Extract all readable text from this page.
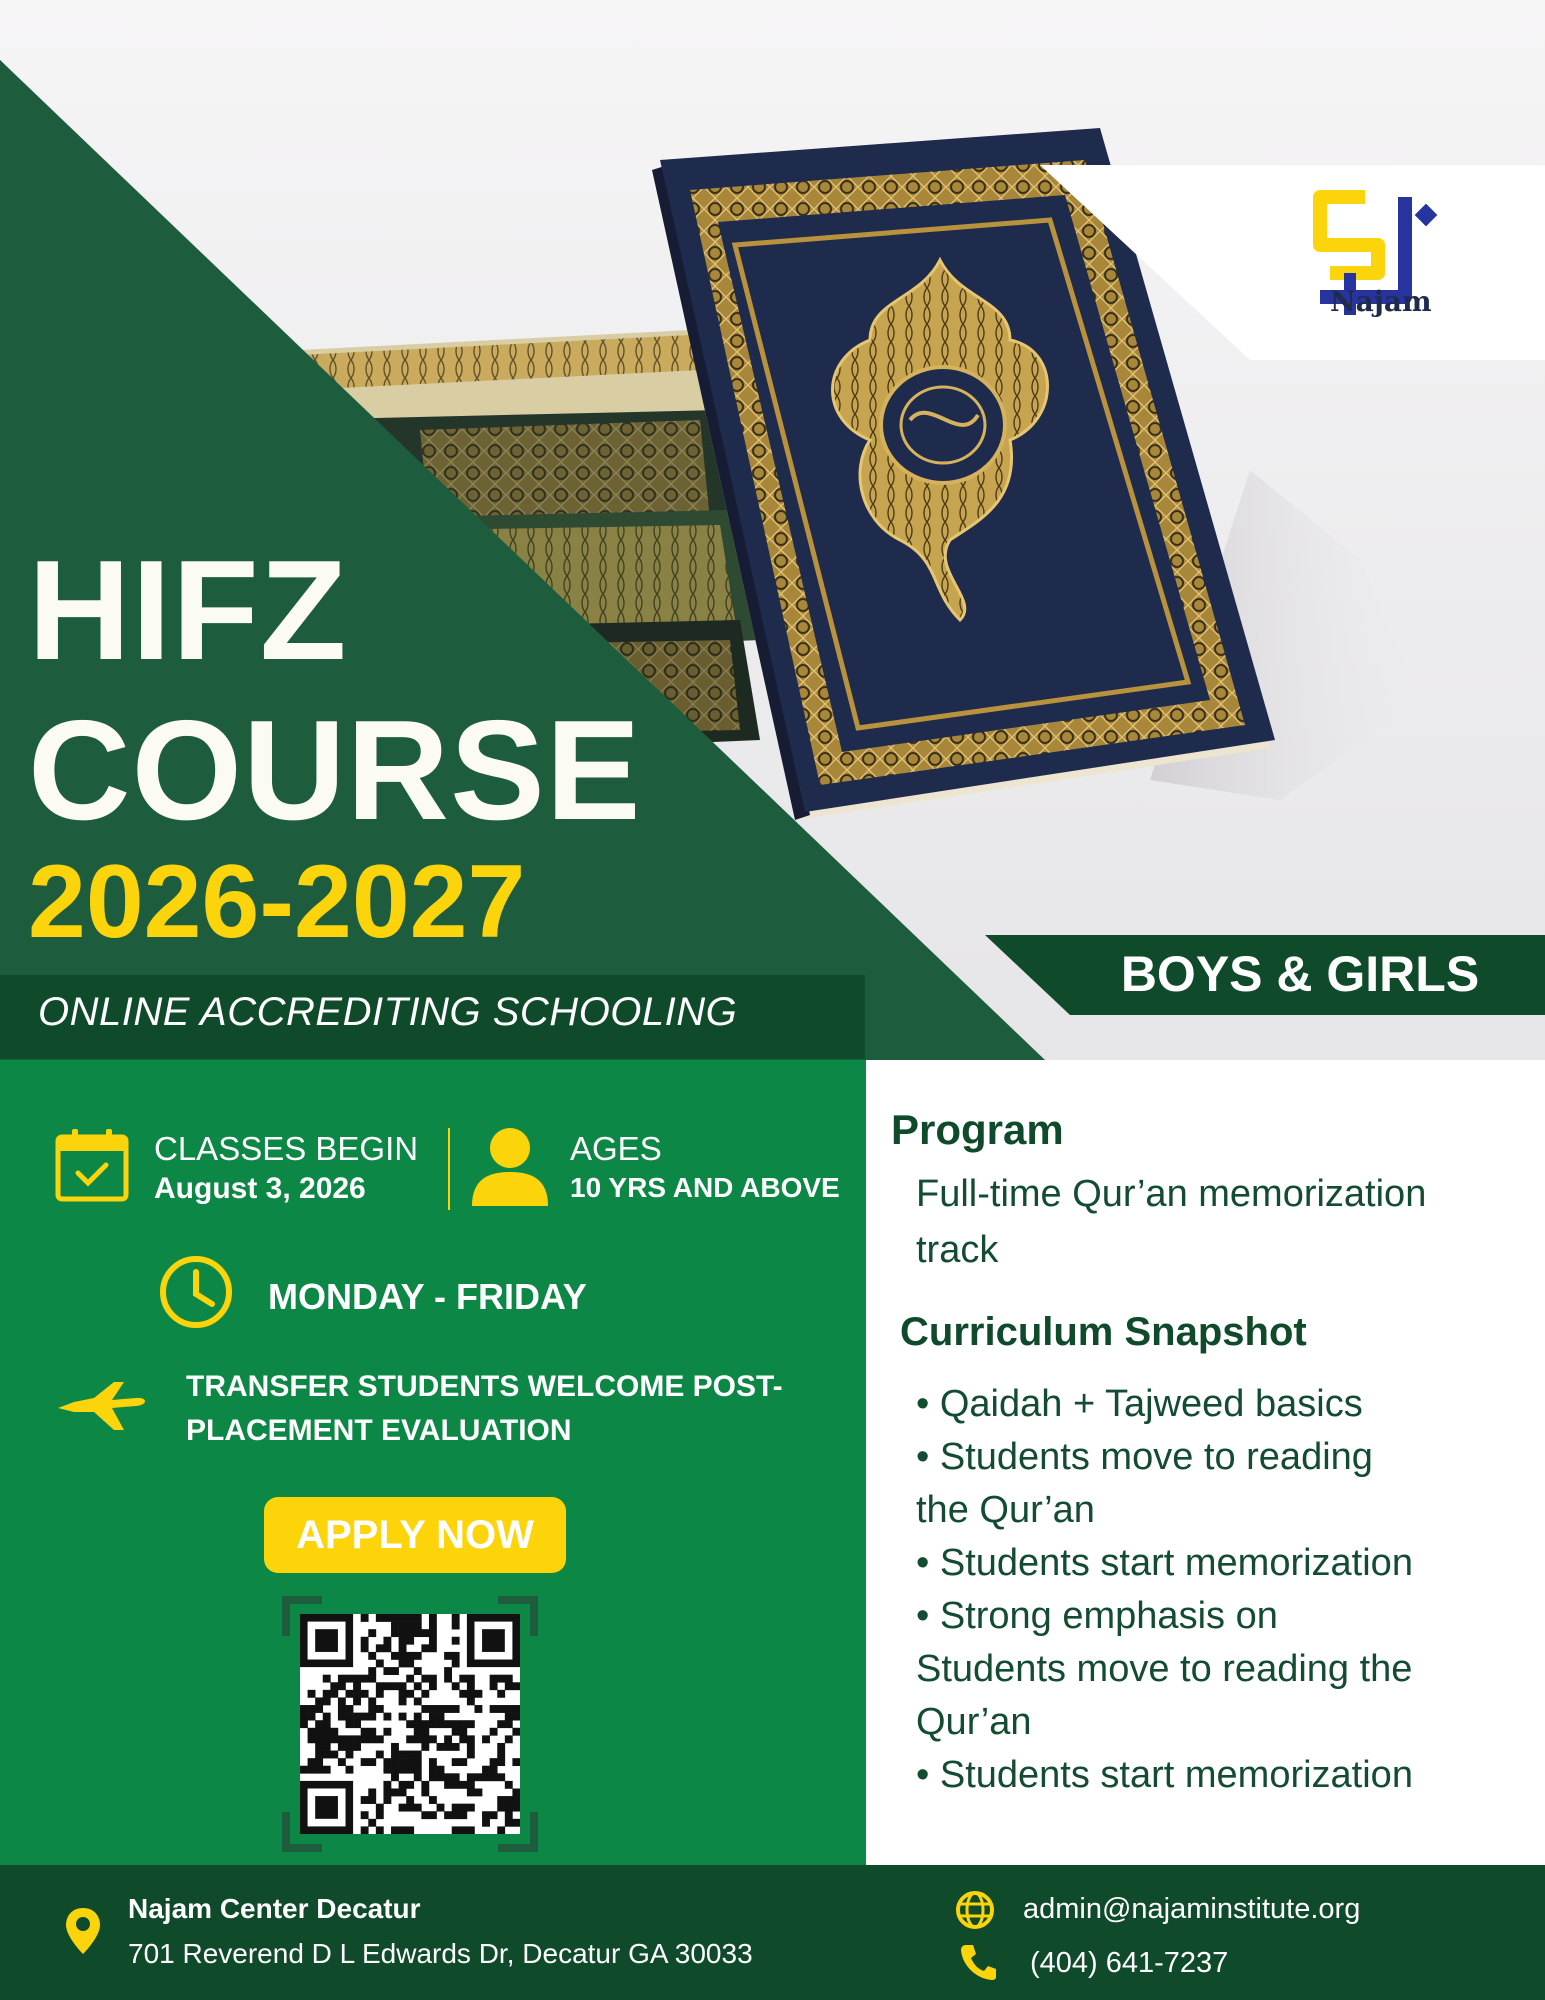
Najam
HIFZ
COURSE
2026-2027
ONLINE ACCREDITING SCHOOLING
BOYS & GIRLS
CLASSES BEGIN
August 3, 2026
AGES
10 YRS AND ABOVE
MONDAY - FRIDAY
TRANSFER STUDENTS WELCOME POST-
PLACEMENT EVALUATION
APPLY NOW
Program
Full-time Qur’an memorization
track
Curriculum Snapshot
• Qaidah + Tajweed basics
• Students move to reading
the Qur’an
• Students start memorization
• Strong emphasis on
Students move to reading the
Qur’an
• Students start memorization
Najam Center Decatur
701 Reverend D L Edwards Dr, Decatur GA 30033
admin@najaminstitute.org
(404) 641-7237
